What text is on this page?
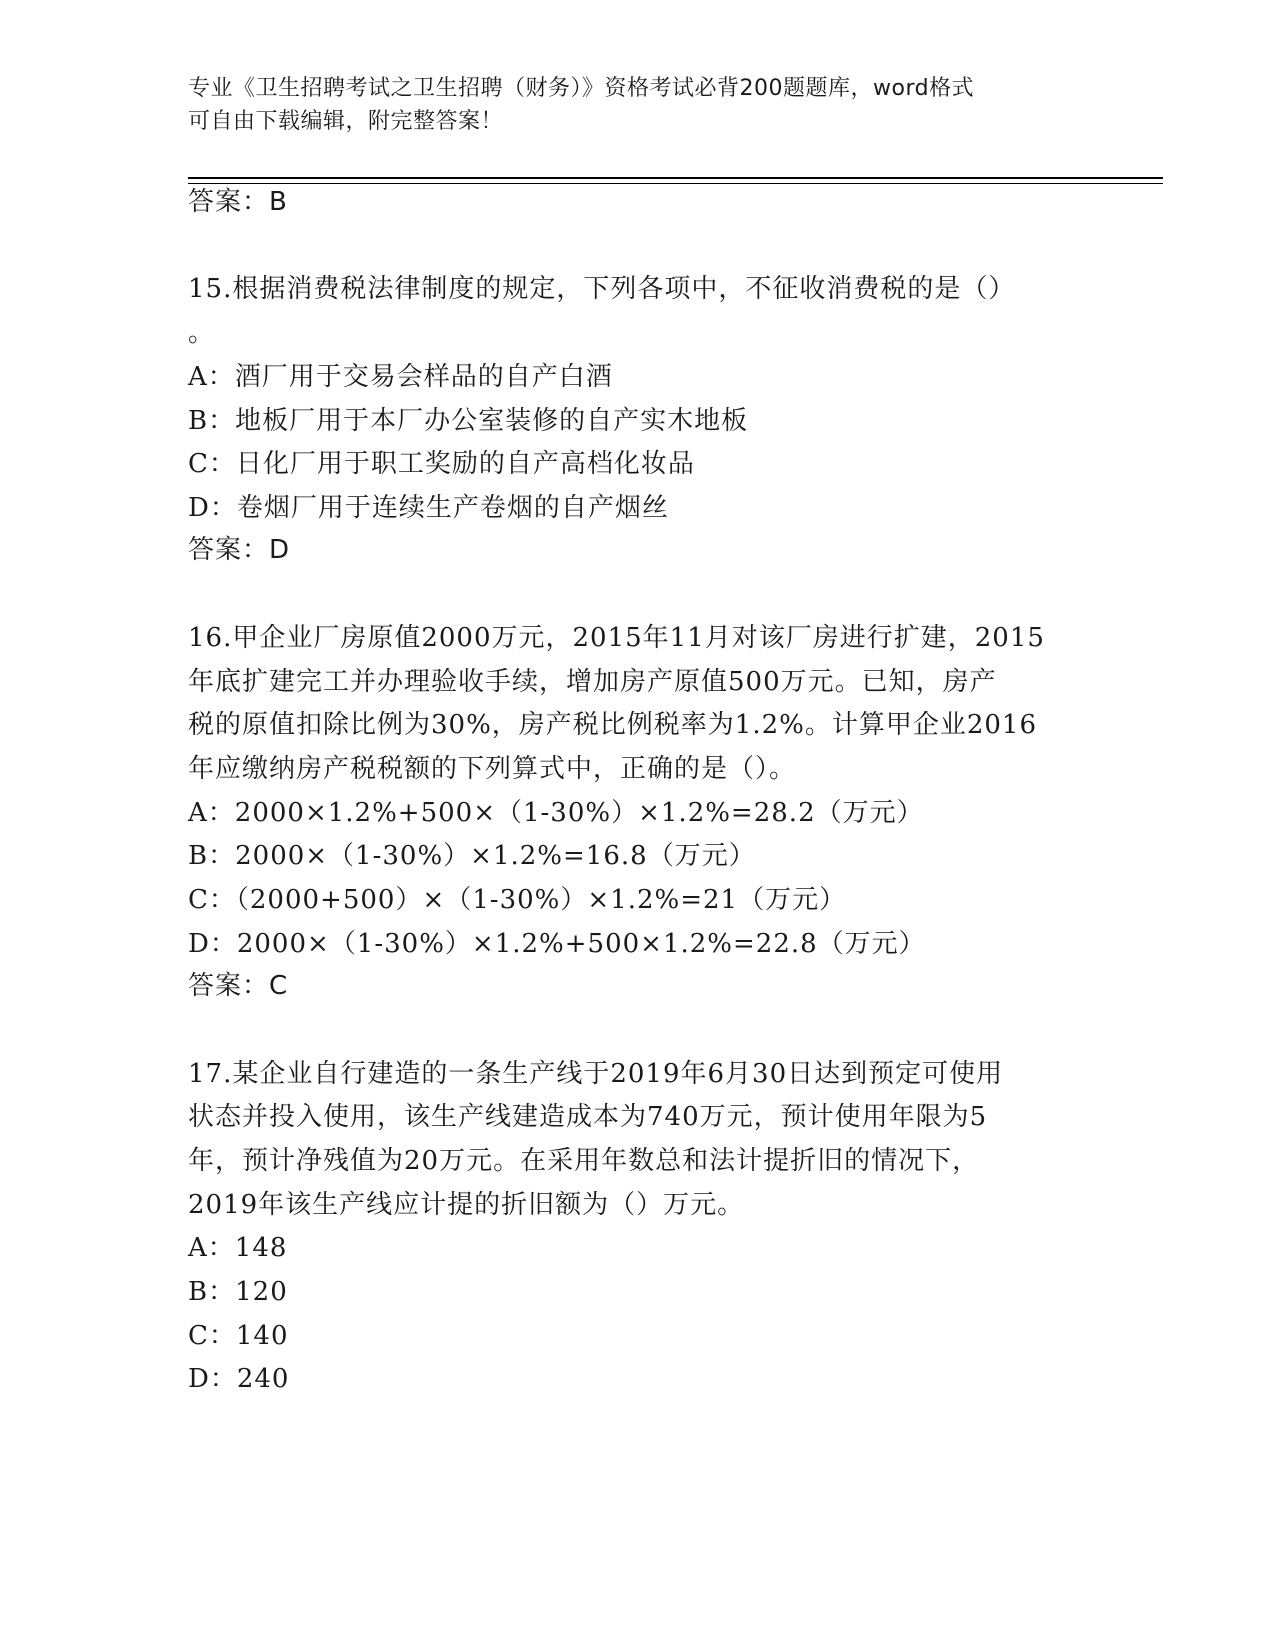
专业《卫生招聘考试之卫生招聘（财务）》资格考试必背200题题库，word格式

可自由下载编辑，附完整答案！

答案：B
15.根据消费税法律制度的规定，下列各项中，不征收消费税的是（）
。
A：酒厂用于交易会样品的自产白酒
B：地板厂用于本厂办公室装修的自产实木地板
C：日化厂用于职工奖励的自产高档化妆品
D：卷烟厂用于连续生产卷烟的自产烟丝
答案：D
16.甲企业厂房原值2000万元，2015年11月对该厂房进行扩建，2015
年底扩建完工并办理验收手续，增加房产原值500万元。已知，房产
税的原值扣除比例为30%，房产税比例税率为1.2%。计算甲企业2016
年应缴纳房产税税额的下列算式中，正确的是（）。
A：2000×1.2%+500×（1-30%）×1.2%=28.2（万元）
B：2000×（1-30%）×1.2%=16.8（万元）
C：（2000+500）×（1-30%）×1.2%=21（万元）
D：2000×（1-30%）×1.2%+500×1.2%=22.8（万元）
答案：C
17.某企业自行建造的一条生产线于2019年6月30日达到预定可使用
状态并投入使用，该生产线建造成本为740万元，预计使用年限为5
年，预计净残值为20万元。在采用年数总和法计提折旧的情况下，
2019年该生产线应计提的折旧额为（）万元。
A：148
B：120
C：140
D：240
